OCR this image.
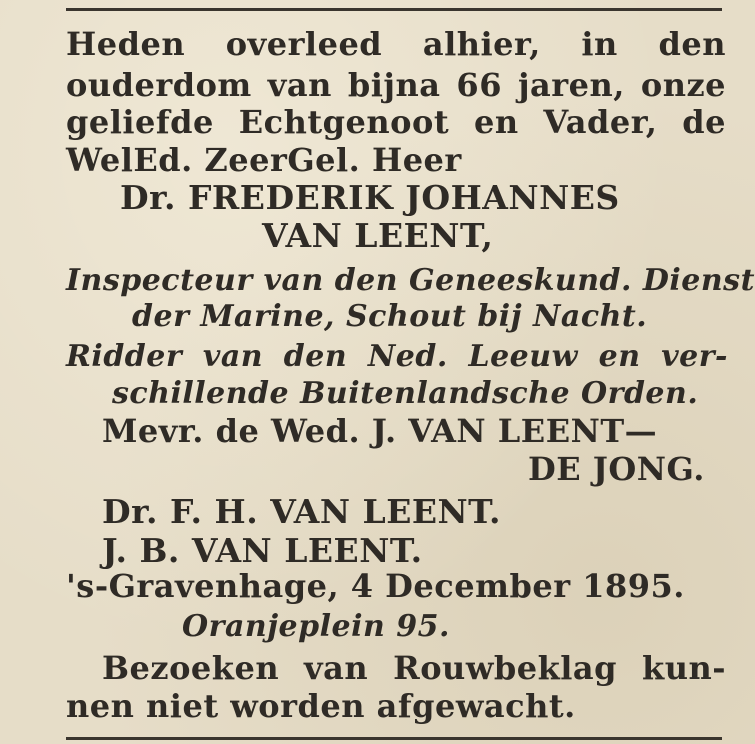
Heden overleed alhier, in den
ouderdom van bijna 66 jaren, onze
geliefde Echtgenoot en Vader, de
WelEd. ZeerGel. Heer
Dr. FREDERIK JOHANNES
VAN LEENT,
Inspecteur van den Geneeskund. Dienst
der Marine, Schout bij Nacht.
Ridder van den Ned. Leeuw en ver-
schillende Buitenlandsche Orden.
Mevr. de Wed. J. VAN LEENT—
DE JONG.
Dr. F. H. VAN LEENT.
J. B. VAN LEENT.
's-Gravenhage, 4 December 1895.
Oranjeplein 95.
Bezoeken van Rouwbeklag kun-
nen niet worden afgewacht.
